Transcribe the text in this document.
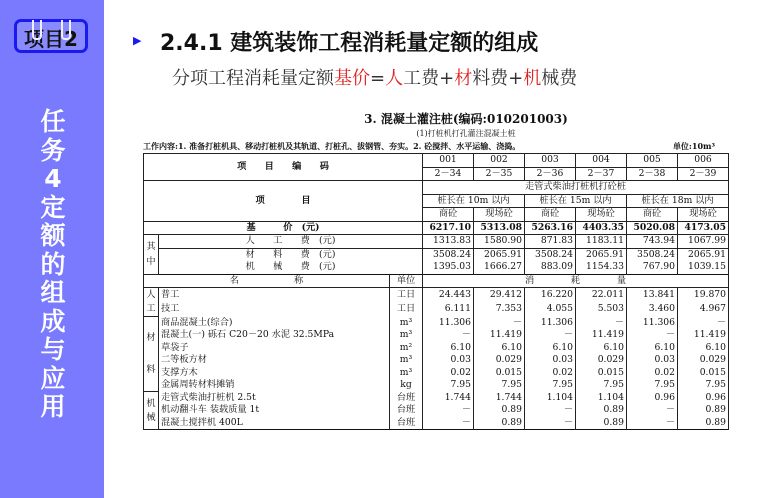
项目2
任
务
4
定
额
的
组
成
与
应
用
▶ 2.4.1 建筑装饰工程消耗量定额的组成
分项工程消耗量定额基价=人工费+材料费+机械费
3. 混凝土灌注桩(编码:010201003)
(1)打桩机打孔灌注混凝土桩
工作内容:1. 准备打桩机具、移动打桩机及其轨道、打桩孔、拔钢管、夯实。2. 砼搅拌、水平运输、浇捣。	单位:10m³
项　　目　　编　　码			001	002	003	004	005	006
			2－34	2－35	2－36	2－37	2－38	2－39
项　　　　目			走管式柴油打桩机打砼桩					
			桩长在 10m 以内		桩长在 15m 以内		桩长在 18m 以内	
			商砼	现场砼	商砼	现场砼	商砼	现场砼
基　　　价　(元)			6217.10	5313.08	5263.16	4403.35	5020.08	4173.05
其中	人　　工　　费　(元)		1313.83	1580.90	871.83	1183.11	743.94	1067.99
	材　　料　　费　(元)		3508.24	2065.91	3508.24	2065.91	3508.24	2065.91
	机　　械　　费　(元)		1395.03	1666.27	883.09	1154.33	767.90	1039.15
名　　　　　　称		单位	消　　　　耗　　　　量					
人工	普工	工日	24.443	29.412	16.220	22.011	13.841	19.870
	技工	工日	6.111	7.353	4.055	5.503	3.460	4.967
材料	商品混凝土(综合)	m³	11.306	－	11.306	－	11.306	－
	混凝土(一) 砾石 C20－20 水泥 32.5MPa	m³	－	11.419	－	11.419	－	11.419
	草袋子	m²	6.10	6.10	6.10	6.10	6.10	6.10
	二等板方材	m³	0.03	0.029	0.03	0.029	0.03	0.029
	支撑方木	m³	0.02	0.015	0.02	0.015	0.02	0.015
	金属周转材料摊销	kg	7.95	7.95	7.95	7.95	7.95	7.95
机械	走管式柴油打桩机 2.5t	台班	1.744	1.744	1.104	1.104	0.96	0.96
	机动翻斗车 装载质量 1t	台班	－	0.89	－	0.89	－	0.89
	混凝土搅拌机 400L	台班	－	0.89	－	0.89	－	0.89
